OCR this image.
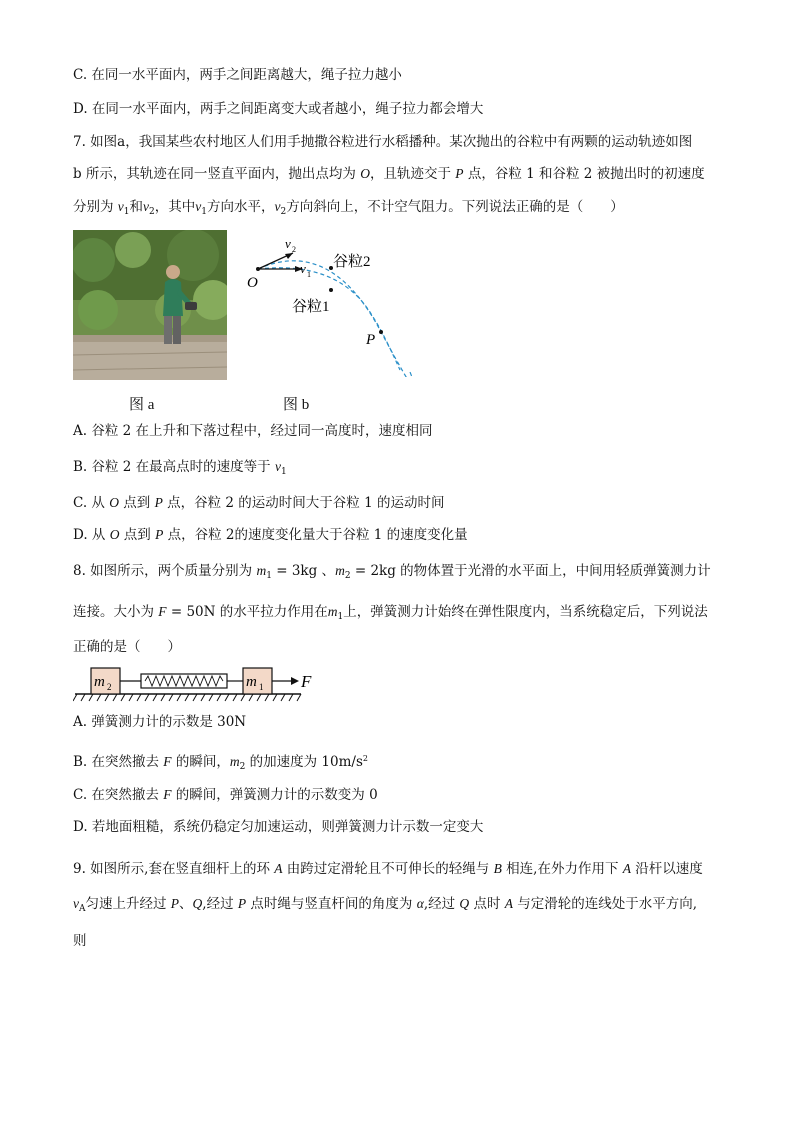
C. 在同一水平面内，两手之间距离越大，绳子拉力越小
D. 在同一水平面内，两手之间距离变大或者越小，绳子拉力都会增大
7. 如图a，我国某些农村地区人们用手抛撒谷粒进行水稻播种。某次抛出的谷粒中有两颗的运动轨迹如图
b 所示，其轨迹在同一竖直平面内，抛出点均为 O，且轨迹交于 P 点，谷粒 1 和谷粒 2 被抛出时的初速度
分别为 $v_1$和$v_2$，其中$v_1$方向水平，$v_2$方向斜向上，不计空气阻力。下列说法正确的是（　　）
v 2
v 1
谷粒2
谷粒1
O
P
图 a	图 b
A. 谷粒 2 在上升和下落过程中，经过同一高度时，速度相同
B. 谷粒 2 在最高点时的速度等于 $v_1$
C. 从 O 点到 P 点，谷粒 2 的运动时间大于谷粒 1 的运动时间
D. 从 O 点到 P 点，谷粒 2的速度变化量大于谷粒 1 的速度变化量
8. 如图所示，两个质量分别为 $m_1 = 3kg$ 、$m_2 = 2kg$ 的物体置于光滑的水平面上，中间用轻质弹簧测力计
连接。大小为 F = 50N 的水平拉力作用在$m_1$上，弹簧测力计始终在弹性限度内，当系统稳定后，下列说法
正确的是（　　）
m 2	m 1 F
A. 弹簧测力计的示数是 30N
B. 在突然撤去 F 的瞬间，$m_2$ 的加速度为 $10m/s^2$
C. 在突然撤去 F 的瞬间，弹簧测力计的示数变为 0
D. 若地面粗糙，系统仍稳定匀加速运动，则弹簧测力计示数一定变大
9. 如图所示,套在竖直细杆上的环 A 由跨过定滑轮且不可伸长的轻绳与 B 相连,在外力作用下 A 沿杆以速度
$v_A$匀速上升经过 P、Q,经过 P 点时绳与竖直杆间的角度为 α,经过 Q 点时 A 与定滑轮的连线处于水平方向,
则
